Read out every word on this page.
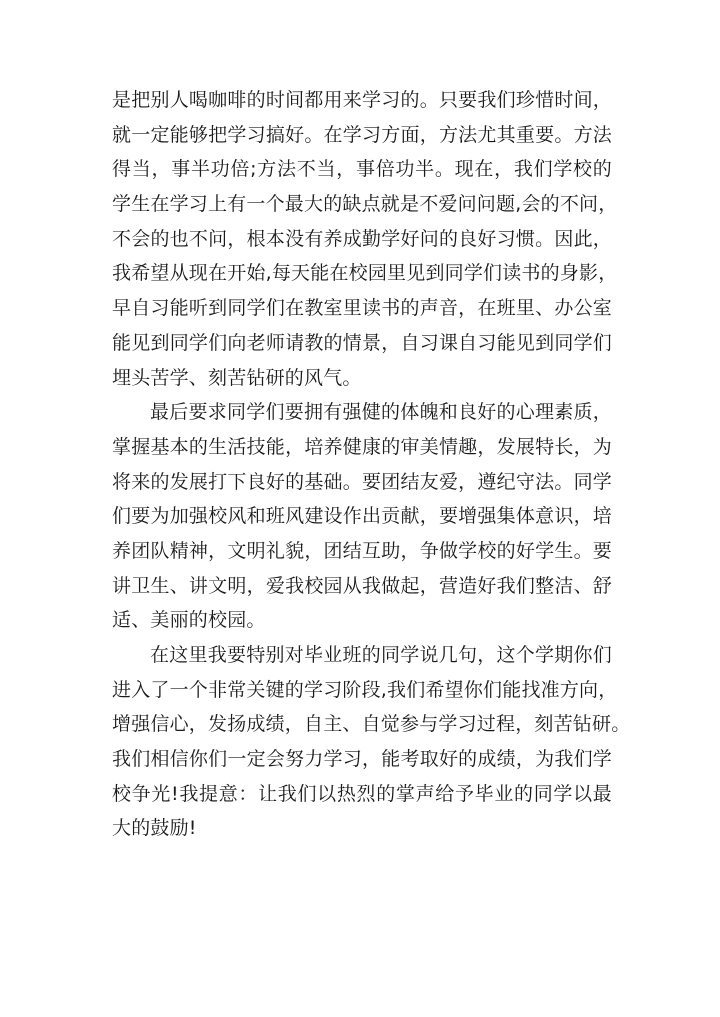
是把别人喝咖啡的时间都用来学习的。只要我们珍惜时间，
就一定能够把学习搞好。在学习方面，方法尤其重要。方法
得当，事半功倍;方法不当，事倍功半。现在，我们学校的
学生在学习上有一个最大的缺点就是不爱问问题,会的不问，
不会的也不问，根本没有养成勤学好问的良好习惯。因此，
我希望从现在开始,每天能在校园里见到同学们读书的身影，
早自习能听到同学们在教室里读书的声音，在班里、办公室
能见到同学们向老师请教的情景，自习课自习能见到同学们
埋头苦学、刻苦钻研的风气。
最后要求同学们要拥有强健的体魄和良好的心理素质，
掌握基本的生活技能，培养健康的审美情趣，发展特长，为
将来的发展打下良好的基础。要团结友爱，遵纪守法。同学
们要为加强校风和班风建设作出贡献，要增强集体意识，培
养团队精神，文明礼貌，团结互助，争做学校的好学生。要
讲卫生、讲文明，爱我校园从我做起，营造好我们整洁、舒
适、美丽的校园。
在这里我要特别对毕业班的同学说几句，这个学期你们
进入了一个非常关键的学习阶段,我们希望你们能找准方向，
增强信心，发扬成绩，自主、自觉参与学习过程，刻苦钻研。
我们相信你们一定会努力学习，能考取好的成绩，为我们学
校争光!我提意：让我们以热烈的掌声给予毕业的同学以最
大的鼓励!
